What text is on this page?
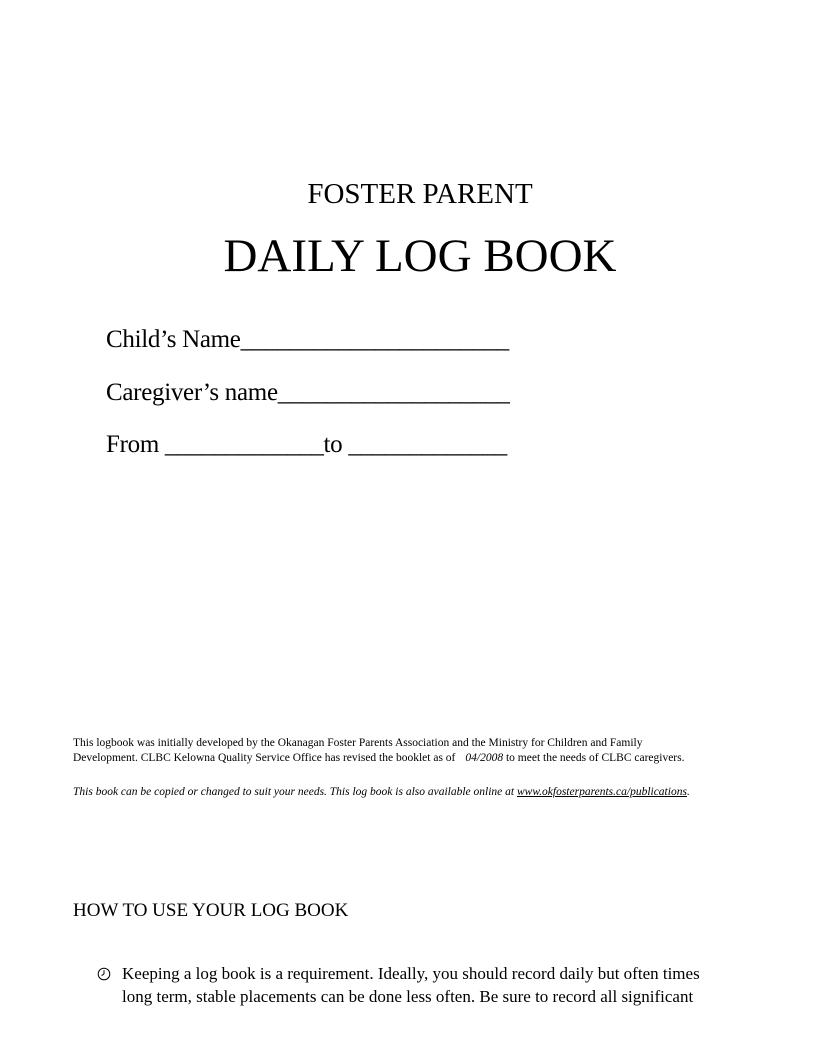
FOSTER PARENT
DAILY LOG BOOK
Child’s Name______________________
Caregiver’s name___________________
From _____________to _____________
This logbook was initially developed by the Okanagan Foster Parents Association and the Ministry for Children and Family
Development. CLBC Kelowna Quality Service Office has revised the booklet as of 04/2008 to meet the needs of CLBC caregivers.
This book can be copied or changed to suit your needs. This log book is also available online at www.okfosterparents.ca/publications.
HOW TO USE YOUR LOG BOOK
Keeping a log book is a requirement. Ideally, you should record daily but often times
long term, stable placements can be done less often. Be sure to record all significant
